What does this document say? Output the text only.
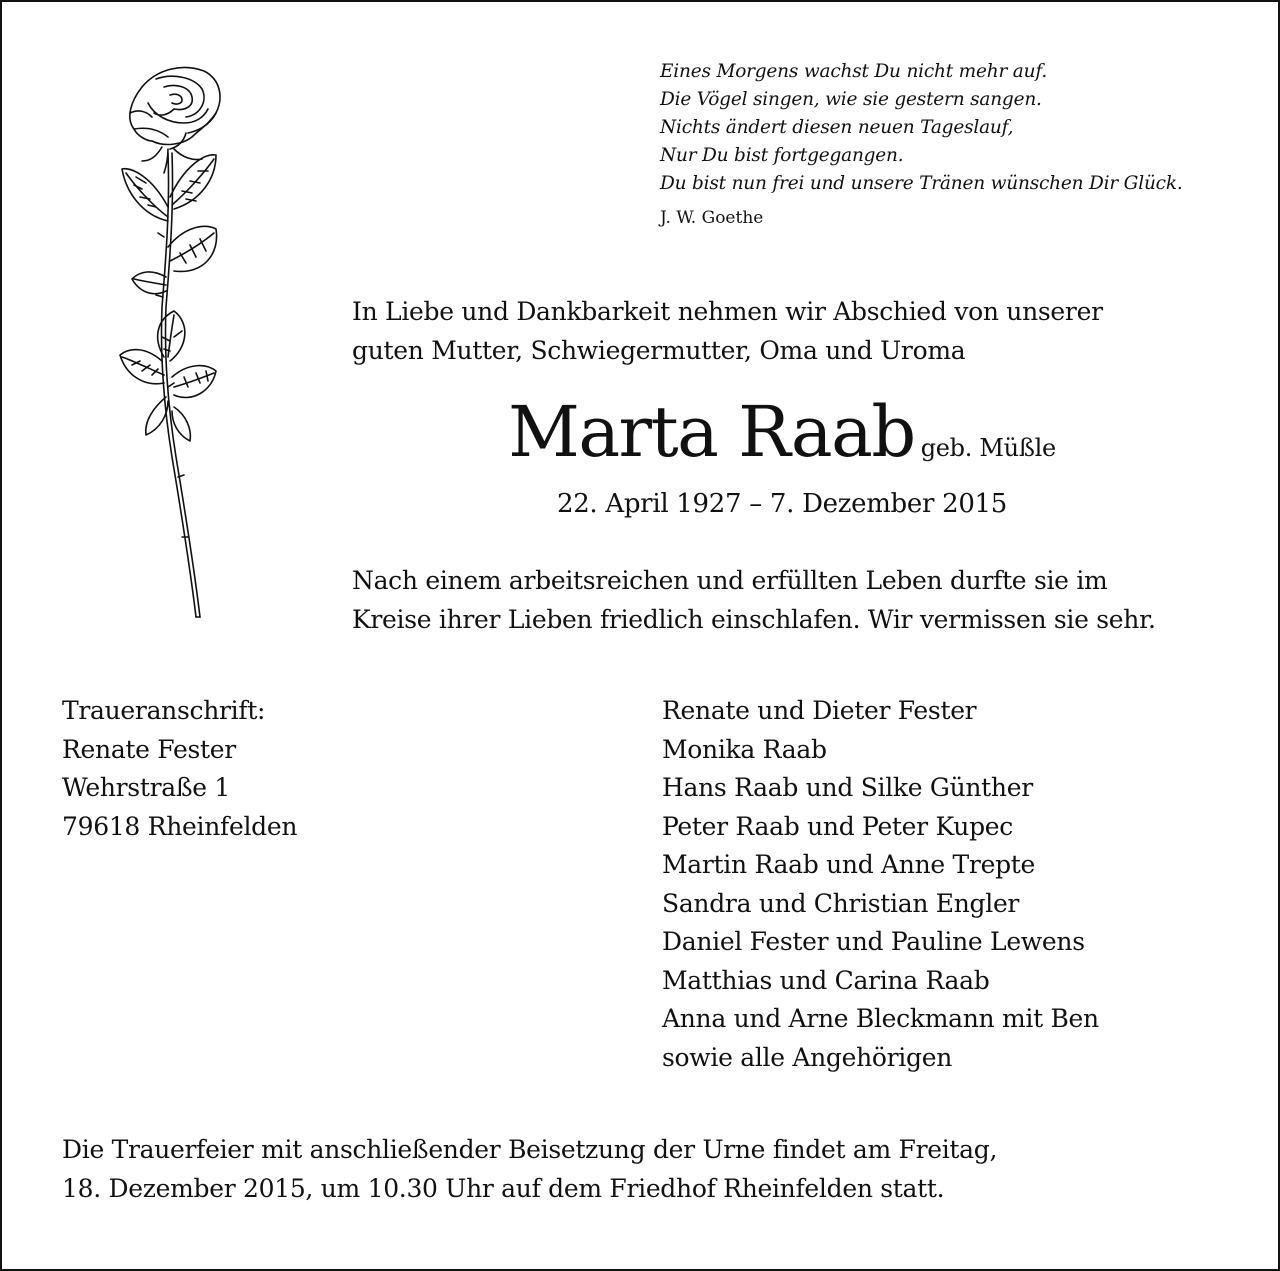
Eines Morgens wachst Du nicht mehr auf.
Die Vögel singen, wie sie gestern sangen.
Nichts ändert diesen neuen Tageslauf,
Nur Du bist fortgegangen.
Du bist nun frei und unsere Tränen wünschen Dir Glück.
J. W. Goethe
In Liebe und Dankbarkeit nehmen wir Abschied von unserer
guten Mutter, Schwiegermutter, Oma und Uroma
Marta Raab geb. Müßle
22. April 1927 – 7. Dezember 2015
Nach einem arbeitsreichen und erfüllten Leben durfte sie im
Kreise ihrer Lieben friedlich einschlafen. Wir vermissen sie sehr.
Traueranschrift:
Renate Fester
Wehrstraße 1
79618 Rheinfelden
Renate und Dieter Fester
Monika Raab
Hans Raab und Silke Günther
Peter Raab und Peter Kupec
Martin Raab und Anne Trepte
Sandra und Christian Engler
Daniel Fester und Pauline Lewens
Matthias und Carina Raab
Anna und Arne Bleckmann mit Ben
sowie alle Angehörigen
Die Trauerfeier mit anschließender Beisetzung der Urne findet am Freitag,
18. Dezember 2015, um 10.30 Uhr auf dem Friedhof Rheinfelden statt.
